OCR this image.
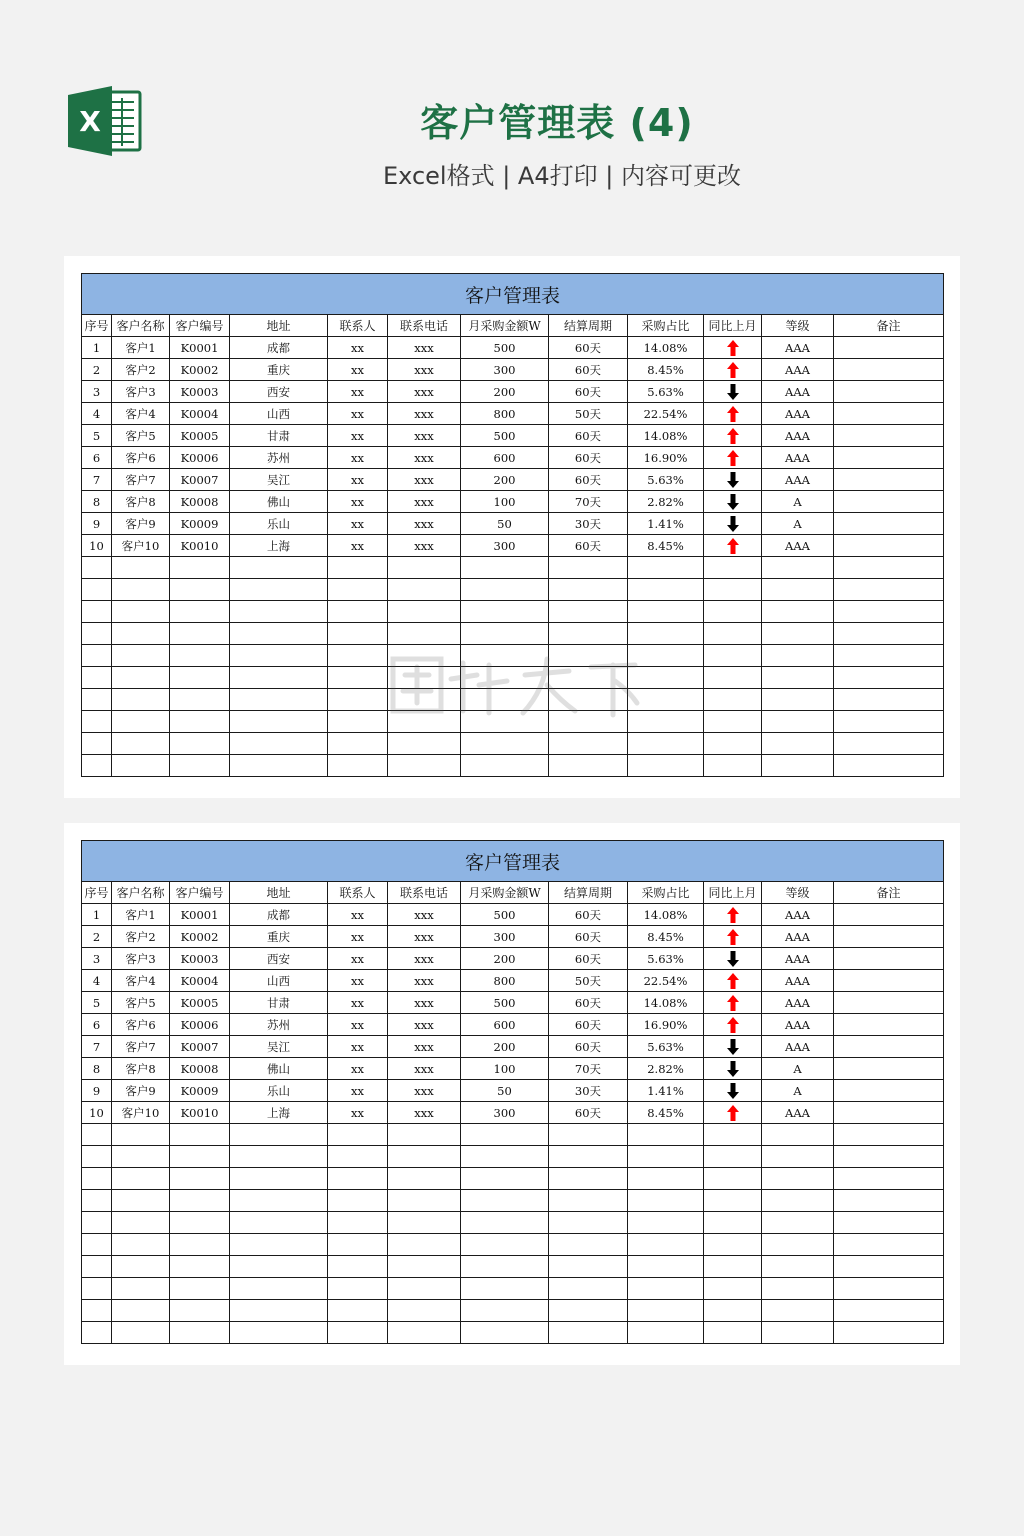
X	客户管理表 (4)
Excel格式 | A4打印 | 内容可更改
客户管理表											
序号	客户名称	客户编号	地址	联系人	联系电话	月采购金额W	结算周期	采购占比	同比上月	等级	备注
1	客户1	K0001	成都	xx	xxx	500	60天	14.08%		AAA	
2	客户2	K0002	重庆	xx	xxx	300	60天	8.45%		AAA	
3	客户3	K0003	西安	xx	xxx	200	60天	5.63%		AAA	
4	客户4	K0004	山西	xx	xxx	800	50天	22.54%		AAA	
5	客户5	K0005	甘肃	xx	xxx	500	60天	14.08%		AAA	
6	客户6	K0006	苏州	xx	xxx	600	60天	16.90%		AAA	
7	客户7	K0007	吴江	xx	xxx	200	60天	5.63%		AAA	
8	客户8	K0008	佛山	xx	xxx	100	70天	2.82%		A	
9	客户9	K0009	乐山	xx	xxx	50	30天	1.41%		A	
10	客户10	K0010	上海	xx	xxx	300	60天	8.45%		AAA	

客户管理表											
序号	客户名称	客户编号	地址	联系人	联系电话	月采购金额W	结算周期	采购占比	同比上月	等级	备注
1	客户1	K0001	成都	xx	xxx	500	60天	14.08%		AAA	
2	客户2	K0002	重庆	xx	xxx	300	60天	8.45%		AAA	
3	客户3	K0003	西安	xx	xxx	200	60天	5.63%		AAA	
4	客户4	K0004	山西	xx	xxx	800	50天	22.54%		AAA	
5	客户5	K0005	甘肃	xx	xxx	500	60天	14.08%		AAA	
6	客户6	K0006	苏州	xx	xxx	600	60天	16.90%		AAA	
7	客户7	K0007	吴江	xx	xxx	200	60天	5.63%		AAA	
8	客户8	K0008	佛山	xx	xxx	100	70天	2.82%		A	
9	客户9	K0009	乐山	xx	xxx	50	30天	1.41%		A	
10	客户10	K0010	上海	xx	xxx	300	60天	8.45%		AAA	
